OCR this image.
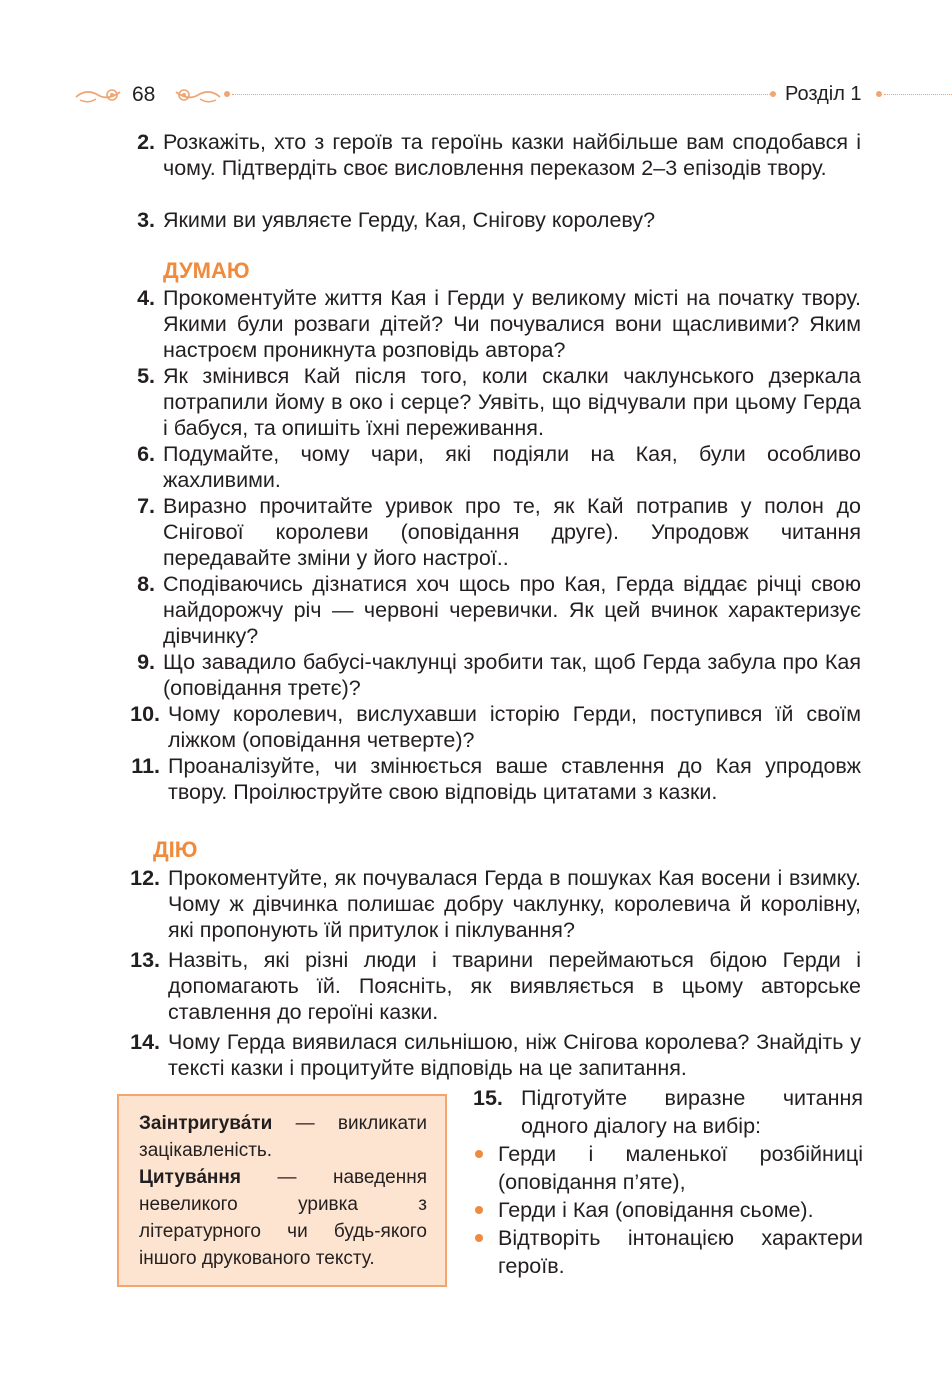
68	Розділ 1
2. Розкажіть, хто з героїв та героїнь казки найбільше вам сподобався і чому. Підтвердіть своє висловлення переказом 2–3 епізодів твору.
3. Якими ви уявляєте Герду, Кая, Снігову королеву?
ДУМАЮ
4. Прокоментуйте життя Кая і Герди у великому місті на початку твору. Якими були розваги дітей? Чи почувалися вони щасливими? Яким настроєм проникнута розповідь автора?
5. Як змінився Кай після того, коли скалки чаклунського дзеркала потрапили йому в око і серце? Уявіть, що відчували при цьому Герда і бабуся, та опишіть їхні переживання.
6. Подумайте, чому чари, які подіяли на Кая, були особливо жахливими.
7. Виразно прочитайте уривок про те, як Кай потрапив у полон до Снігової королеви (оповідання друге). Упродовж читання передавайте зміни у його настрої..
8. Сподіваючись дізнатися хоч щось про Кая, Герда віддає річці свою найдорожчу річ — червоні черевички. Як цей вчинок характеризує дівчинку?
9. Що завадило бабусі-чаклунці зробити так, щоб Герда забула про Кая (оповідання третє)?
10. Чому королевич, вислухавши історію Герди, поступився їй своїм ліжком (оповідання четверте)?
11. Проаналізуйте, чи змінюється ваше ставлення до Кая упродовж твору. Проілюструйте свою відповідь цитатами з казки.
ДІЮ
12. Прокоментуйте, як почувалася Герда в пошуках Кая восени і взимку. Чому ж дівчинка полишає добру чаклунку, королевича й королівну, які пропонують їй притулок і піклування?
13. Назвіть, які різні люди і тварини переймаються бідою Герди і допомагають їй. Поясніть, як виявляється в цьому авторське ставлення до героїні казки.
14. Чому Герда виявилася сильнішою, ніж Снігова королева? Знайдіть у тексті казки і процитуйте відповідь на це запитання.

Заінтригува́ти — викликати зацікавленість.

Цитува́ння — наведення невеликого уривка з літературного чи будь-якого іншого друкованого тексту.

15. Підготуйте виразне читання одного діалогу на вибір:
Герди і маленької розбійниці (оповідання п’яте),
Герди і Кая (оповідання сьоме).
Відтворіть інтонацією характери героїв.
